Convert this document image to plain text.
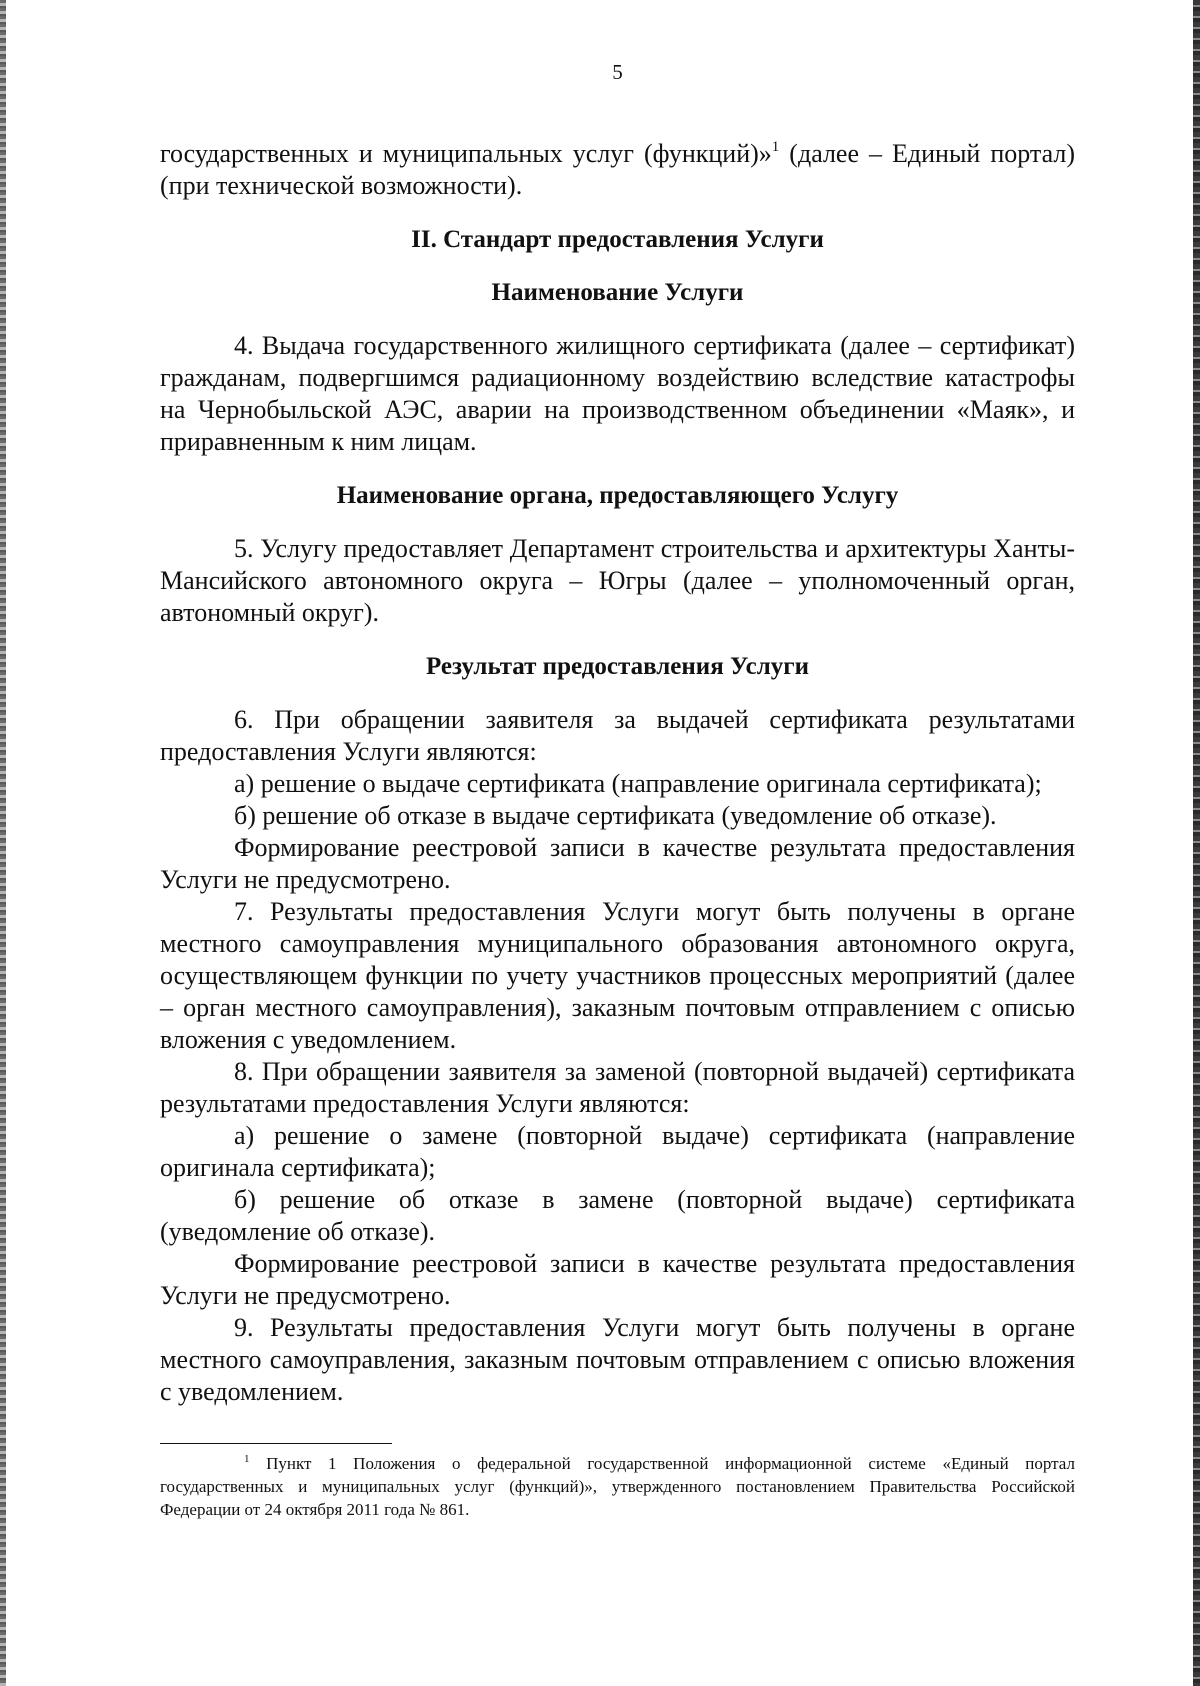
5

государственных и муниципальных услуг (функций)»$^1$ (далее – Единый портал) (при технической возможности).

II. Стандарт предоставления Услуги

Наименование Услуги

4. Выдача государственного жилищного сертификата (далее – сертификат) гражданам, подвергшимся радиационному воздействию вследствие катастрофы на Чернобыльской АЭС, аварии на производственном объединении «Маяк», и приравненным к ним лицам.

Наименование органа, предоставляющего Услугу

5. Услугу предоставляет Департамент строительства и архитектуры Ханты-Мансийского автономного округа – Югры (далее – уполномоченный орган, автономный округ).

Результат предоставления Услуги

6. При обращении заявителя за выдачей сертификата результатами предоставления Услуги являются:

а) решение о выдаче сертификата (направление оригинала сертификата);

б) решение об отказе в выдаче сертификата (уведомление об отказе).

Формирование реестровой записи в качестве результата предоставления Услуги не предусмотрено.

7. Результаты предоставления Услуги могут быть получены в органе местного самоуправления муниципального образования автономного округа, осуществляющем функции по учету участников процессных мероприятий (далее – орган местного самоуправления), заказным почтовым отправлением с описью вложения с уведомлением.

8. При обращении заявителя за заменой (повторной выдачей) сертификата результатами предоставления Услуги являются:

а) решение о замене (повторной выдаче) сертификата (направление оригинала сертификата);

б) решение об отказе в замене (повторной выдаче) сертификата (уведомление об отказе).

Формирование реестровой записи в качестве результата предоставления Услуги не предусмотрено.

9. Результаты предоставления Услуги могут быть получены в органе местного самоуправления, заказным почтовым отправлением с описью вложения с уведомлением.

$^1$ Пункт 1 Положения о федеральной государственной информационной системе «Единый портал государственных и муниципальных услуг (функций)», утвержденного постановлением Правительства Российской Федерации от 24 октября 2011 года № 861.
